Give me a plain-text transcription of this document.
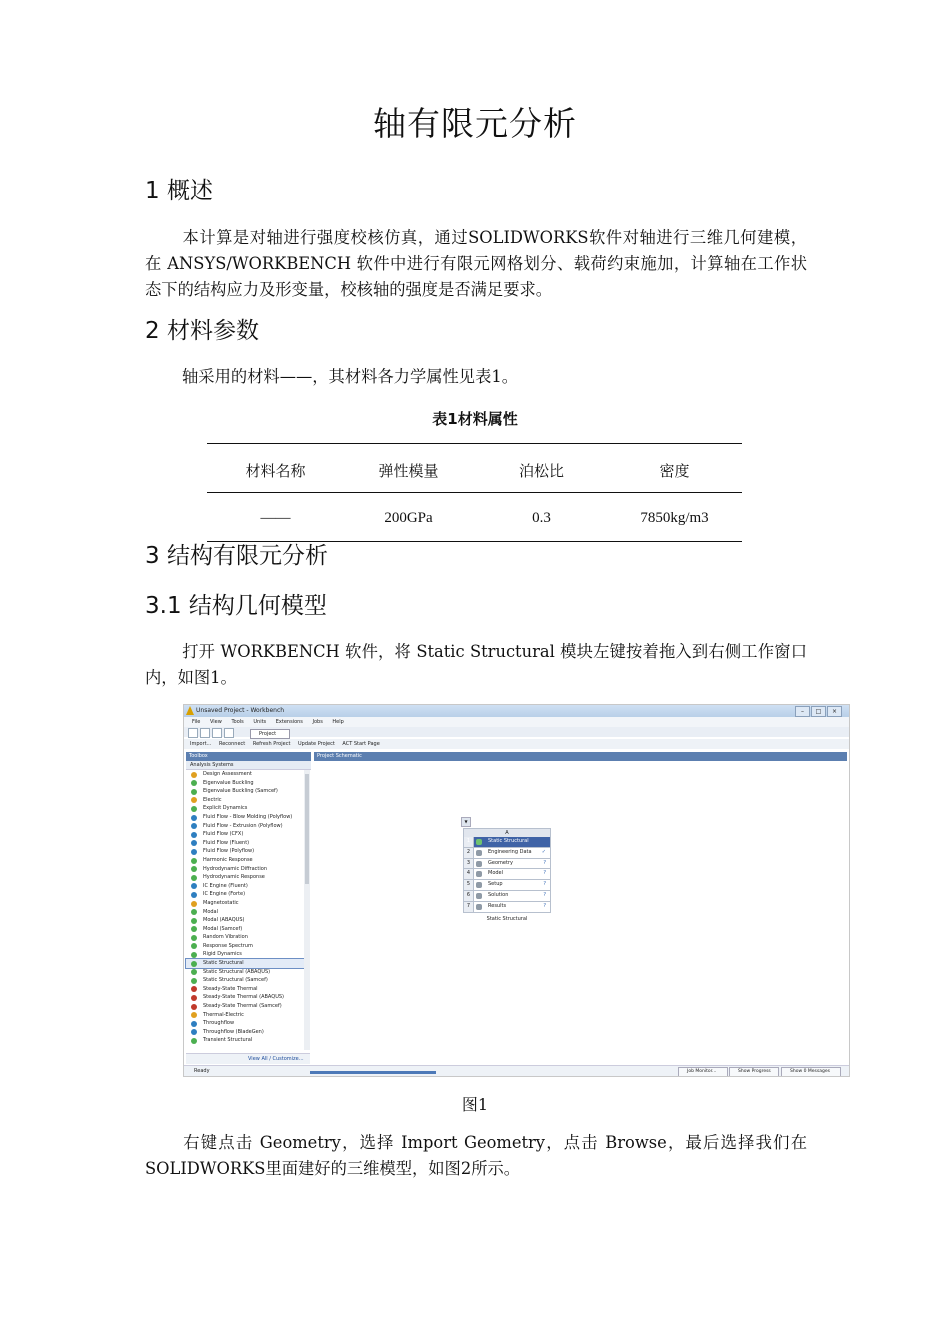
轴有限元分析
1 概述
本计算是对轴进行强度校核仿真，通过SOLIDWORKS软件对轴进行三维几何建模，在 ANSYS/WORKBENCH 软件中进行有限元网格划分、载荷约束施加，计算轴在工作状态下的结构应力及形变量，校核轴的强度是否满足要求。
2 材料参数
轴采用的材料——，其材料各力学属性见表1。
表1材料属性
材料名称	弹性模量	泊松比	密度
——	200GPa	0.3	7850kg/m3
3 结构有限元分析
3.1 结构几何模型
打开 WORKBENCH 软件，将 Static Structural 模块左键按着拖入到右侧工作窗口内，如图1。
Unsaved Project - Workbench	–	□	×
File View Tools Units Extensions Jobs Help
Project
Import... Reconnect Refresh Project Update Project ACT Start Page
Toolbox
Analysis Systems
Design Assessment
Eigenvalue Buckling
Eigenvalue Buckling (Samcef)
Electric
Explicit Dynamics
Fluid Flow - Blow Molding (Polyflow)
Fluid Flow - Extrusion (Polyflow)
Fluid Flow (CFX)
Fluid Flow (Fluent)
Fluid Flow (Polyflow)
Harmonic Response
Hydrodynamic Diffraction
Hydrodynamic Response
IC Engine (Fluent)
IC Engine (Forte)
Magnetostatic
Modal
Modal (ABAQUS)
Modal (Samcef)
Random Vibration
Response Spectrum
Rigid Dynamics
Static Structural
Static Structural (ABAQUS)
Static Structural (Samcef)
Steady-State Thermal
Steady-State Thermal (ABAQUS)
Steady-State Thermal (Samcef)
Thermal-Electric
Throughflow
Throughflow (BladeGen)
Transient Structural
View All / Customize...
Project Schematic
▼
A
1	Static Structural
2	Engineering Data ✓
3	Geometry	?
4	Model	?
5	Setup	?
6	Solution	?
7	Results	?
Static Structural
Ready	Job Monitor...	Show Progress	Show 0 Messages
图1
右键点击 Geometry，选择 Import Geometry，点击 Browse，最后选择我们在SOLIDWORKS里面建好的三维模型，如图2所示。
